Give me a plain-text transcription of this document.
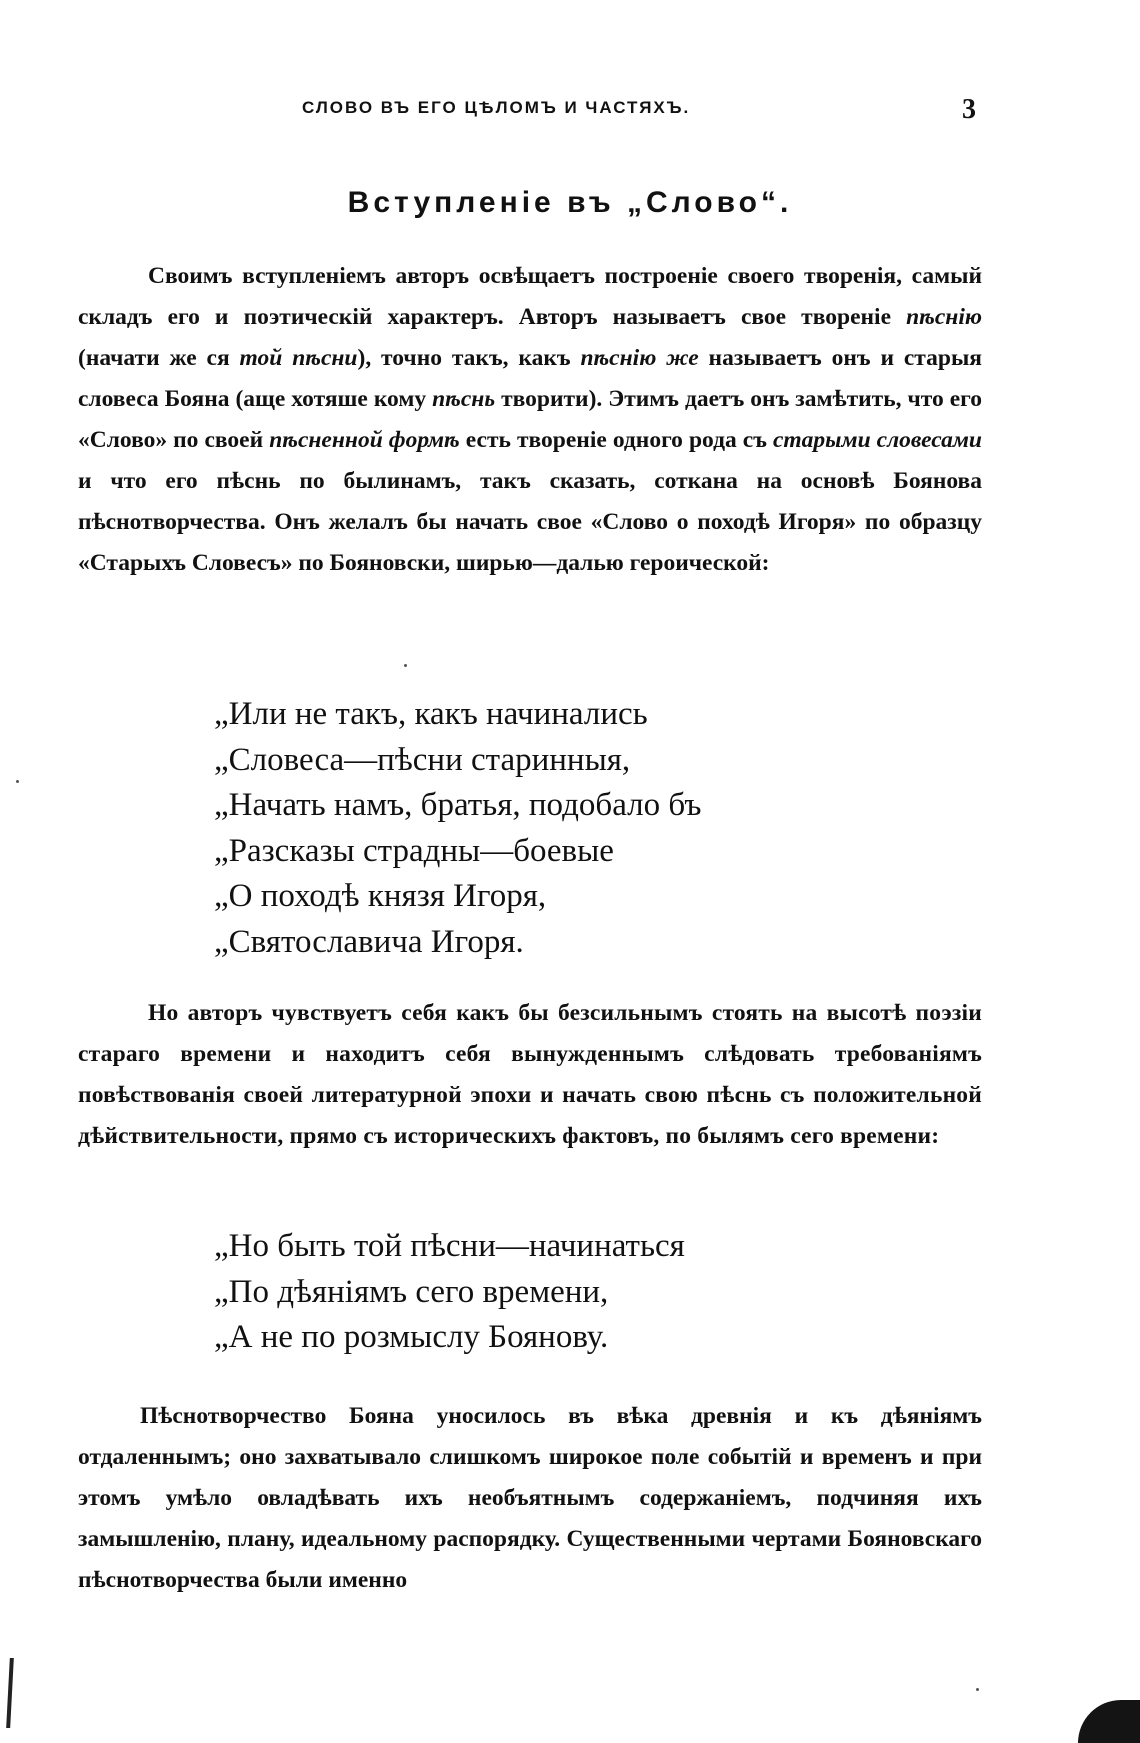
СЛОВО ВЪ ЕГО ЦѢЛОМЪ И ЧАСТЯХЪ.	3
Вступленіе въ „Слово“.

Своимъ вступленіемъ авторъ освѣщаетъ построеніе своего творенія, самый складъ его и поэтическій характеръ. Авторъ называетъ свое твореніе пѣснію (начати же ся той пѣсни), точно такъ, какъ пѣснію же называетъ онъ и старыя словеса Бояна (аще хотяше кому пѣснь творити). Этимъ даетъ онъ замѣтить, что его «Слово» по своей пѣсненной формѣ есть твореніе одного рода съ старыми словесами и что его пѣснь по былинамъ, такъ сказать, соткана на основѣ Боянова пѣснотворчества. Онъ желалъ бы начать свое «Слово о походѣ Игоря» по образцу «Старыхъ Словесъ» по Бояновски, ширью—далью героической:

„Или не такъ, какъ начинались
„Словеса—пѣсни старинныя,
„Начать намъ, братья, подобало бъ
„Разсказы страдны—боевые
„О походѣ князя Игоря,
„Святославича Игоря.

Но авторъ чувствуетъ себя какъ бы безсильнымъ стоять на высотѣ поэзіи стараго времени и находитъ себя вынужденнымъ слѣдовать требованіямъ повѣствованія своей литературной эпохи и начать свою пѣснь съ положительной дѣйствительности, прямо съ историческихъ фактовъ, по былямъ сего времени:

„Но быть той пѣсни—начинаться
„По дѣяніямъ сего времени,
„А не по розмыслу Боянову.

Пѣснотворчество Бояна уносилось въ вѣка древнія и къ дѣяніямъ отдаленнымъ; оно захватывало слишкомъ широкое поле событій и временъ и при этомъ умѣло овладѣвать ихъ необъятнымъ содержаніемъ, подчиняя ихъ замышленію, плану, идеальному распорядку. Существенными чертами Бояновскаго пѣснотворчества были именно
